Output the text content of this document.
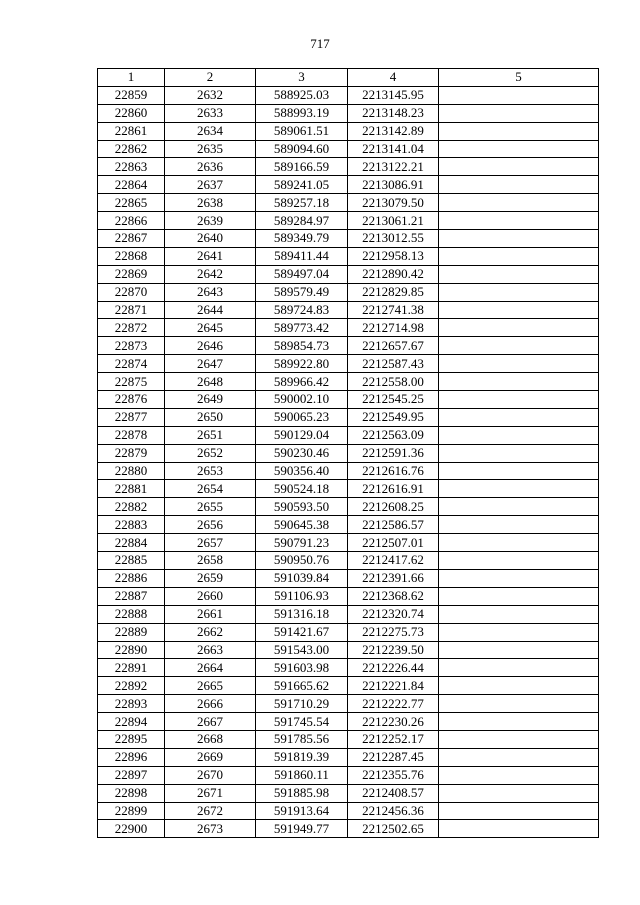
717
1	2	3	4	5
22859	2632	588925.03	2213145.95	
22860	2633	588993.19	2213148.23	
22861	2634	589061.51	2213142.89	
22862	2635	589094.60	2213141.04	
22863	2636	589166.59	2213122.21	
22864	2637	589241.05	2213086.91	
22865	2638	589257.18	2213079.50	
22866	2639	589284.97	2213061.21	
22867	2640	589349.79	2213012.55	
22868	2641	589411.44	2212958.13	
22869	2642	589497.04	2212890.42	
22870	2643	589579.49	2212829.85	
22871	2644	589724.83	2212741.38	
22872	2645	589773.42	2212714.98	
22873	2646	589854.73	2212657.67	
22874	2647	589922.80	2212587.43	
22875	2648	589966.42	2212558.00	
22876	2649	590002.10	2212545.25	
22877	2650	590065.23	2212549.95	
22878	2651	590129.04	2212563.09	
22879	2652	590230.46	2212591.36	
22880	2653	590356.40	2212616.76	
22881	2654	590524.18	2212616.91	
22882	2655	590593.50	2212608.25	
22883	2656	590645.38	2212586.57	
22884	2657	590791.23	2212507.01	
22885	2658	590950.76	2212417.62	
22886	2659	591039.84	2212391.66	
22887	2660	591106.93	2212368.62	
22888	2661	591316.18	2212320.74	
22889	2662	591421.67	2212275.73	
22890	2663	591543.00	2212239.50	
22891	2664	591603.98	2212226.44	
22892	2665	591665.62	2212221.84	
22893	2666	591710.29	2212222.77	
22894	2667	591745.54	2212230.26	
22895	2668	591785.56	2212252.17	
22896	2669	591819.39	2212287.45	
22897	2670	591860.11	2212355.76	
22898	2671	591885.98	2212408.57	
22899	2672	591913.64	2212456.36	
22900	2673	591949.77	2212502.65	
